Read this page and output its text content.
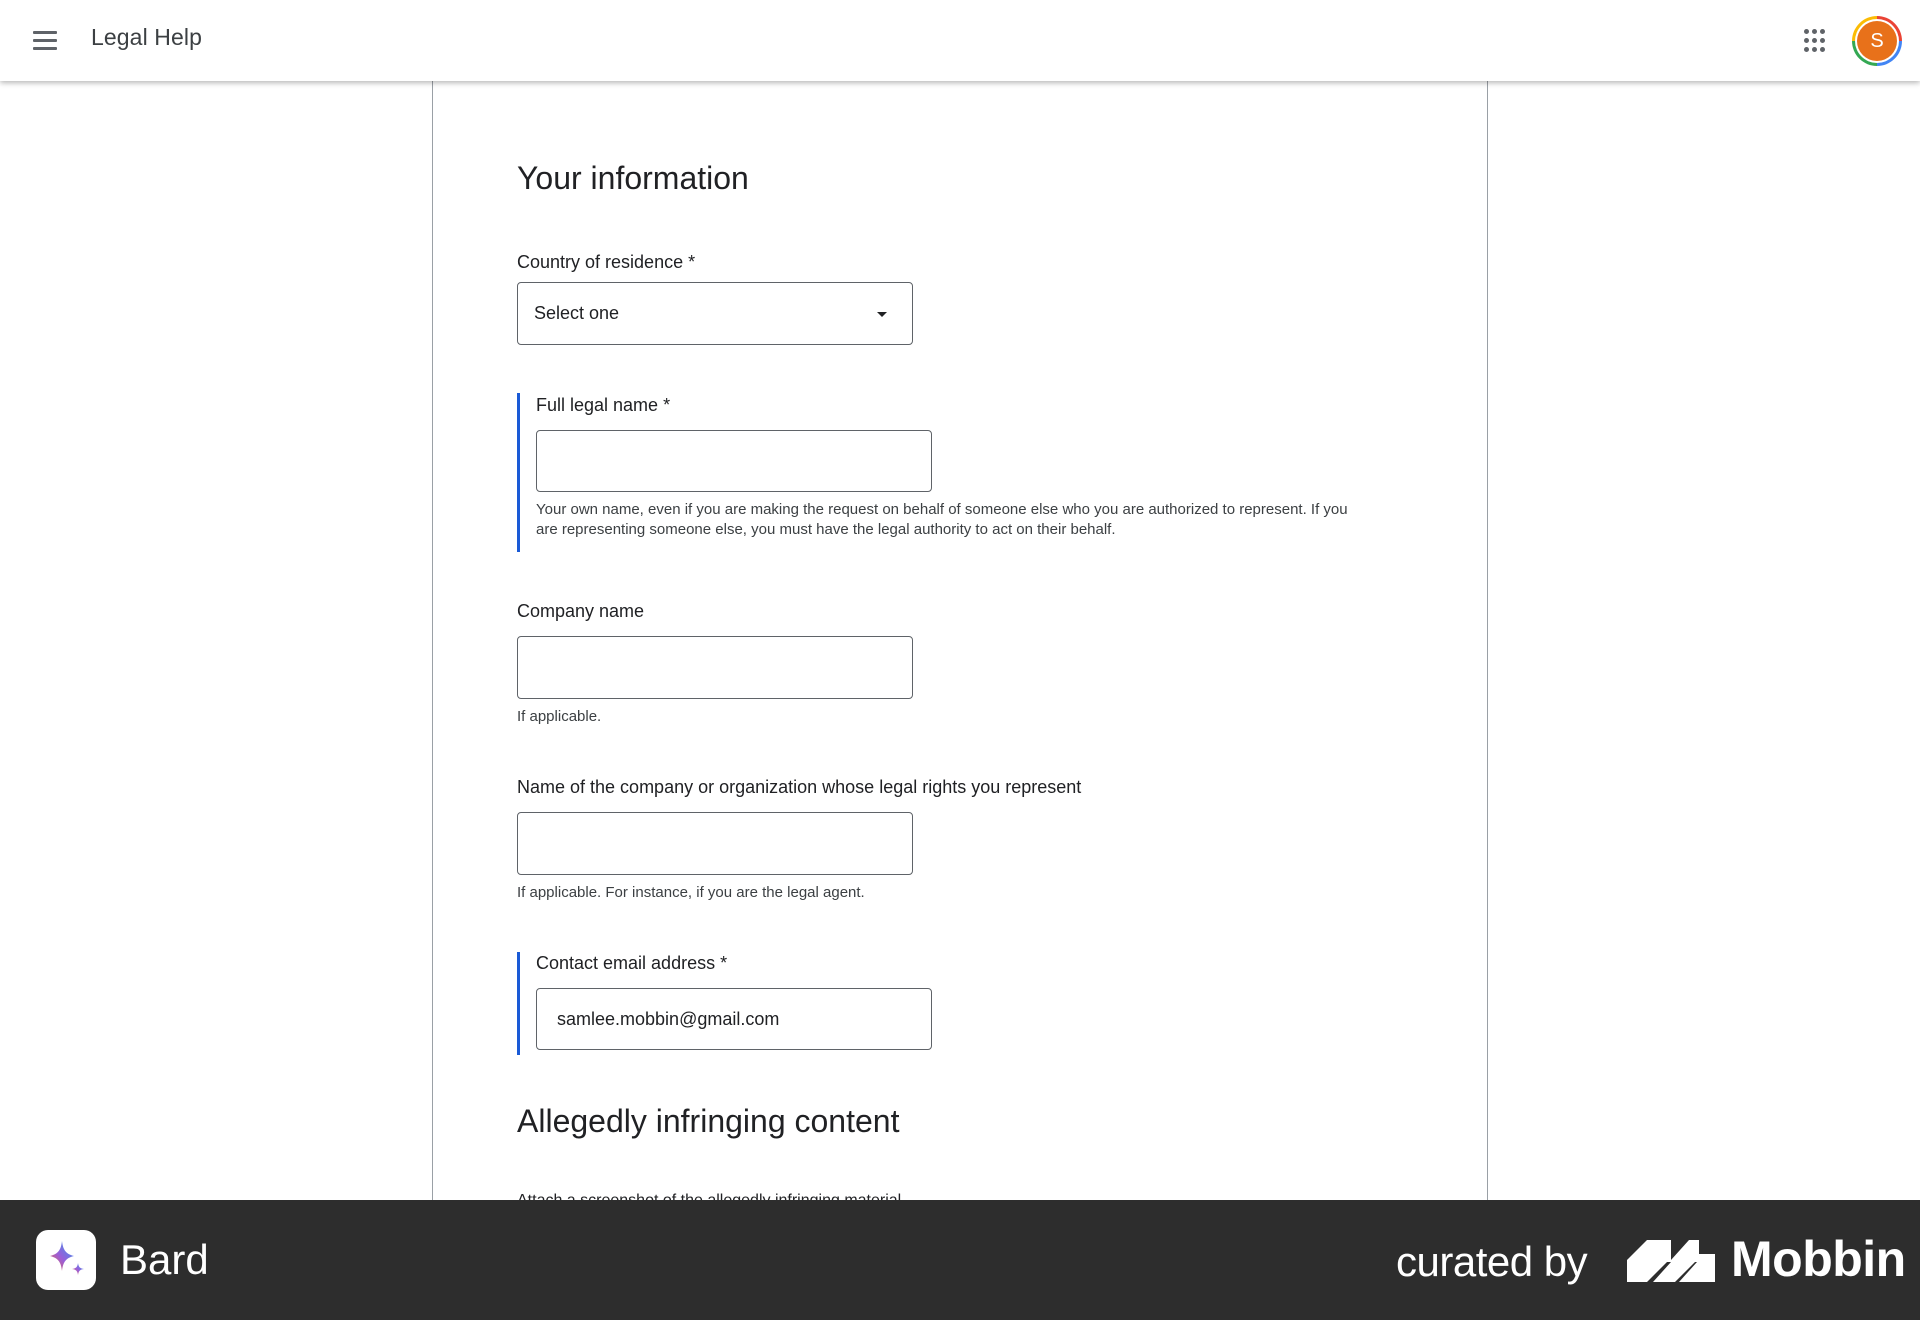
Legal Help	S
Your information
Country of residence *
Select one
Full legal name *
Your own name, even if you are making the request on behalf of someone else who you are authorized to represent. If you
are representing someone else, you must have the legal authority to act on their behalf.
Company name
If applicable.
Name of the company or organization whose legal rights you represent
If applicable. For instance, if you are the legal agent.
Contact email address *
samlee.mobbin@gmail.com
Allegedly infringing content
Bard	curated by	Mobbin
